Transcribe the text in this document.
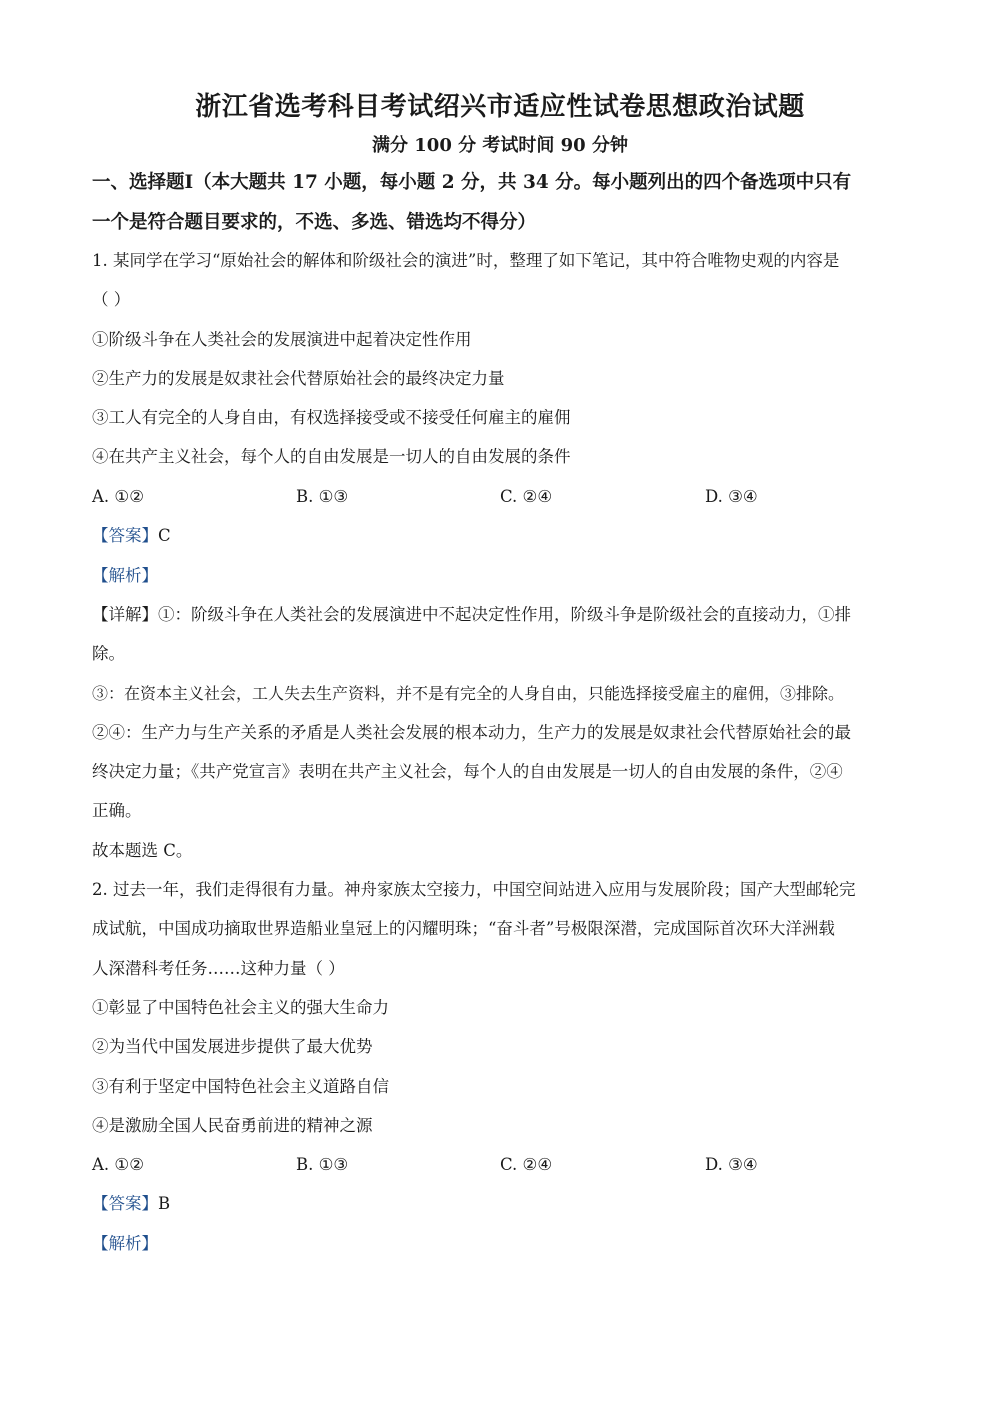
浙江省选考科目考试绍兴市适应性试卷思想政治试题
满分 100 分 考试时间 90 分钟
一、选择题Ⅰ（本大题共 17 小题，每小题 2 分，共 34 分。每小题列出的四个备选项中只有
一个是符合题目要求的，不选、多选、错选均不得分）
1. 某同学在学习“原始社会的解体和阶级社会的演进”时，整理了如下笔记，其中符合唯物史观的内容是
（ ）
①阶级斗争在人类社会的发展演进中起着决定性作用
②生产力的发展是奴隶社会代替原始社会的最终决定力量
③工人有完全的人身自由，有权选择接受或不接受任何雇主的雇佣
④在共产主义社会，每个人的自由发展是一切人的自由发展的条件
A. ①②	B. ①③	C. ②④	D. ③④
【答案】C
【解析】
【详解】①：阶级斗争在人类社会的发展演进中不起决定性作用，阶级斗争是阶级社会的直接动力，①排
除。
③：在资本主义社会，工人失去生产资料，并不是有完全的人身自由，只能选择接受雇主的雇佣，③排除。
②④：生产力与生产关系的矛盾是人类社会发展的根本动力，生产力的发展是奴隶社会代替原始社会的最
终决定力量；《共产党宣言》表明在共产主义社会，每个人的自由发展是一切人的自由发展的条件，②④
正确。
故本题选 C。
2. 过去一年，我们走得很有力量。神舟家族太空接力，中国空间站进入应用与发展阶段；国产大型邮轮完
成试航，中国成功摘取世界造船业皇冠上的闪耀明珠；“奋斗者”号极限深潜，完成国际首次环大洋洲载
人深潜科考任务……这种力量（ ）
①彰显了中国特色社会主义的强大生命力
②为当代中国发展进步提供了最大优势
③有利于坚定中国特色社会主义道路自信
④是激励全国人民奋勇前进的精神之源
A. ①②	B. ①③	C. ②④	D. ③④
【答案】B
【解析】
